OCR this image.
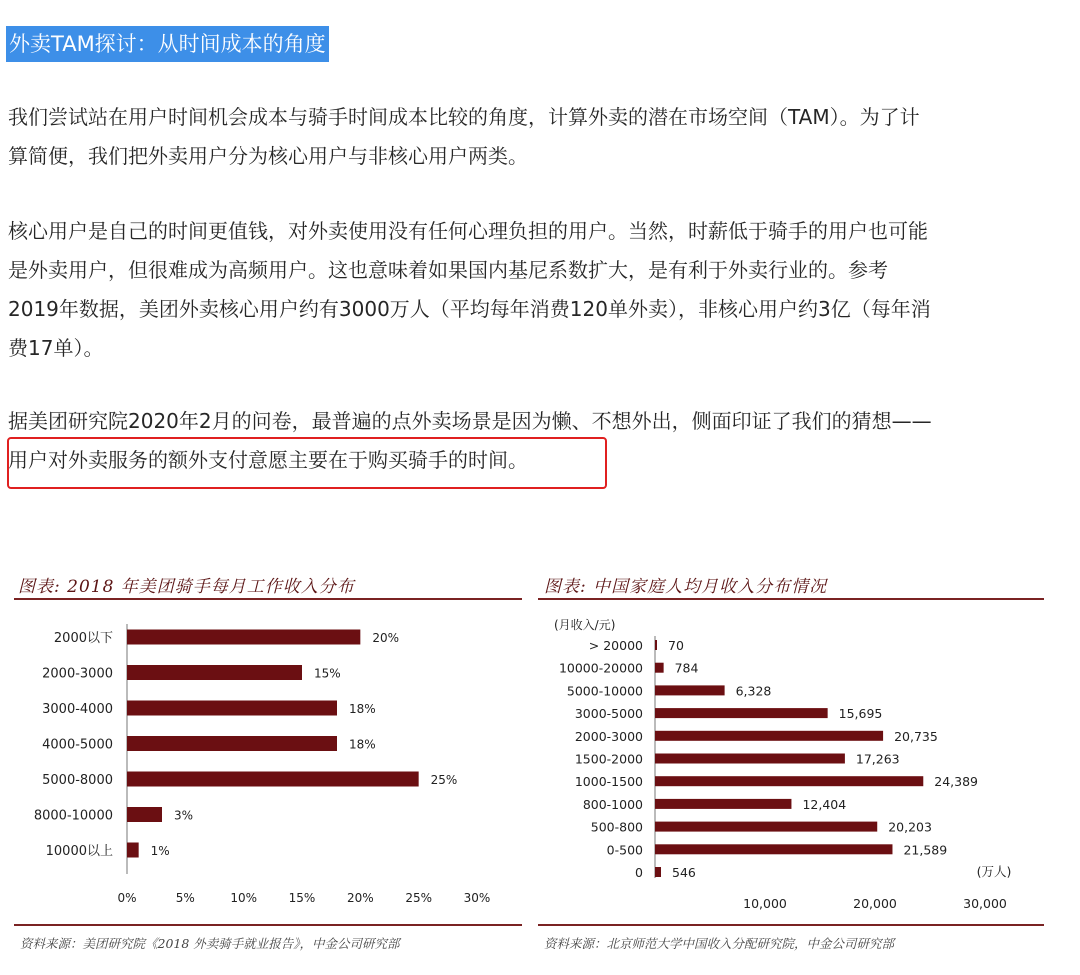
外卖TAM探讨：从时间成本的角度

我们尝试站在用户时间机会成本与骑手时间成本比较的角度，计算外卖的潜在市场空间（TAM）。为了计
算简便，我们把外卖用户分为核心用户与非核心用户两类。

核心用户是自己的时间更值钱，对外卖使用没有任何心理负担的用户。当然，时薪低于骑手的用户也可能
是外卖用户，但很难成为高频用户。这也意味着如果国内基尼系数扩大，是有利于外卖行业的。参考
2019年数据，美团外卖核心用户约有3000万人（平均每年消费120单外卖），非核心用户约3亿（每年消
费17单）。

据美团研究院2020年2月的问卷，最普遍的点外卖场景是因为懒、不想外出，侧面印证了我们的猜想——
用户对外卖服务的额外支付意愿主要在于购买骑手的时间。

图表: 2018 年美团骑手每月工作收入分布
2000以下	20%
2000-3000	15%
3000-4000	18%
4000-5000	18%
5000-8000	25%
8000-10000	3%
10000以上	1%
0%	5%	10%	15%	20%	25%	30%
资料来源：美团研究院《2018 外卖骑手就业报告》，中金公司研究部
图表: 中国家庭人均月收入分布情况
(月收入/元)
> 20000 70
10000-20000	784
5000-10000	6,328
3000-5000	15,695
2000-3000	20,735
1500-2000	17,263
1000-1500	24,389
800-1000	12,404
500-800	20,203
0-500	21,589
0 546
10,000	20,000	30,000
(万人)
资料来源：北京师范大学中国收入分配研究院，中金公司研究部
